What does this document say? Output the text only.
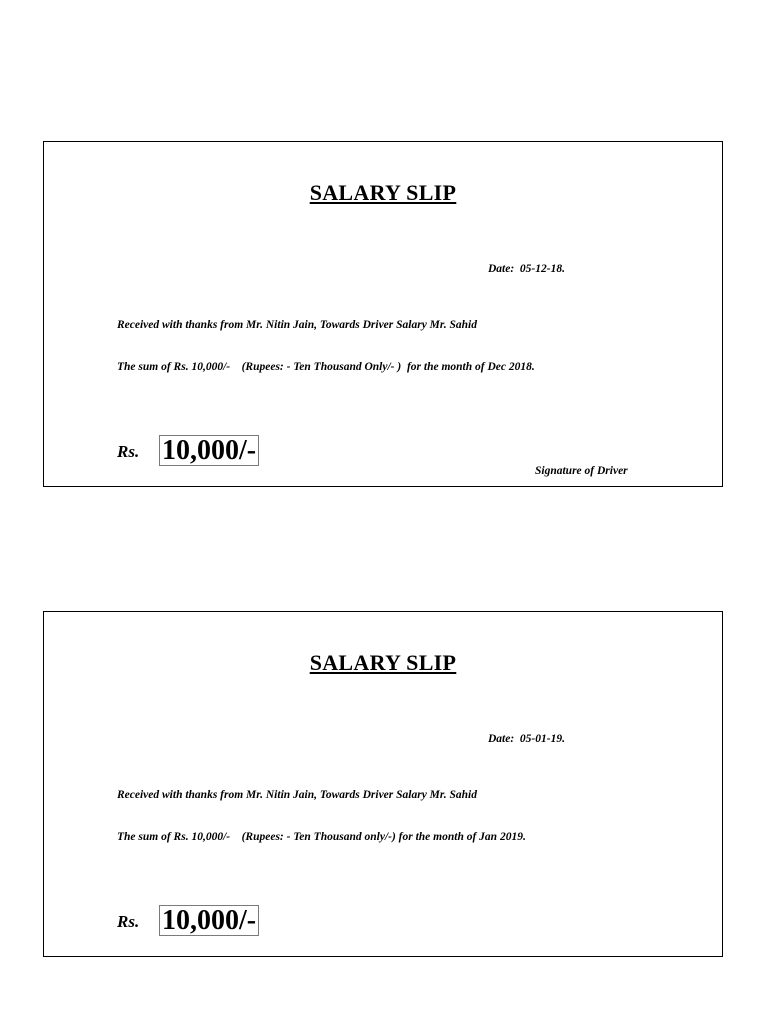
SALARY SLIP
Date:  05-12-18.
Received with thanks from Mr. Nitin Jain, Towards Driver Salary Mr. Sahid
The sum of Rs. 10,000/-    (Rupees: - Ten Thousand Only/- )  for the month of Dec 2018.
Rs. 10,000/-
Signature of Driver
SALARY SLIP
Date:  05-01-19.
Received with thanks from Mr. Nitin Jain, Towards Driver Salary Mr. Sahid
The sum of Rs. 10,000/-    (Rupees: - Ten Thousand only/-) for the month of Jan 2019.
Rs. 10,000/-
